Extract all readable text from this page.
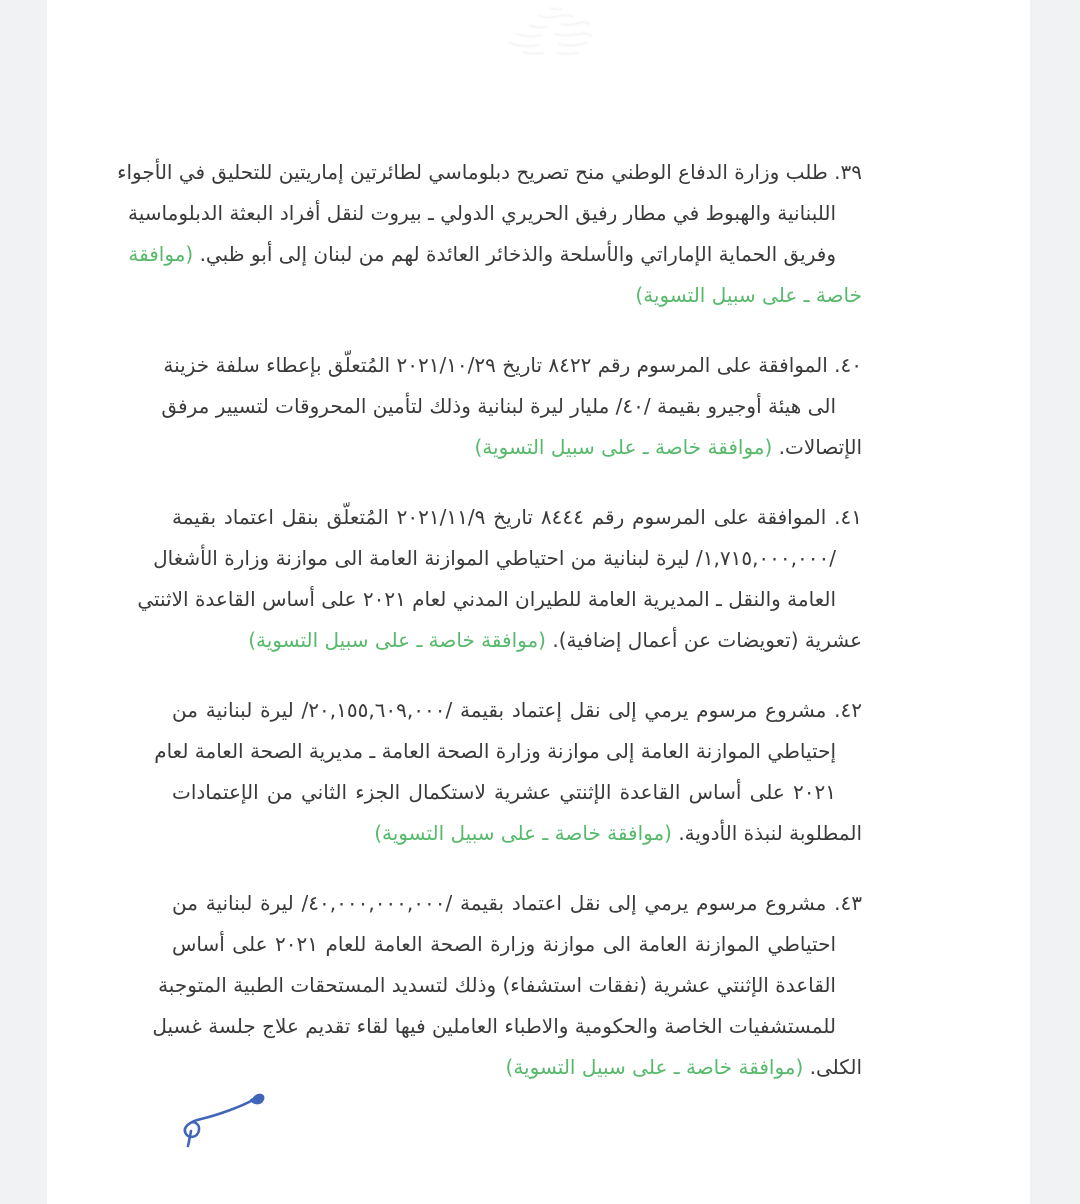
٣٩. طلب وزارة الدفاع الوطني منح تصريح دبلوماسي لطائرتين إماريتين للتحليق في الأجواء
اللبنانية والهبوط في مطار رفيق الحريري الدولي ـ بيروت لنقل أفراد البعثة الدبلوماسية
وفريق الحماية الإماراتي والأسلحة والذخائر العائدة لهم من لبنان إلى أبو ظبي. (موافقة
خاصة ـ على سبيل التسوية)
٤٠. الموافقة على المرسوم رقم ٨٤٢٢ تاريخ ٢٠٢١/١٠/٢٩ المُتعلّق بإعطاء سلفة خزينة
الى هيئة أوجيرو بقيمة /٤٠/ مليار ليرة لبنانية وذلك لتأمين المحروقات لتسيير مرفق
الإتصالات. (موافقة خاصة ـ على سبيل التسوية)
٤١. الموافقة على المرسوم رقم ٨٤٤٤ تاريخ ٢٠٢١/١١/٩ المُتعلّق بنقل اعتماد بقيمة
/١,٧١٥,٠٠٠,٠٠٠/ ليرة لبنانية من احتياطي الموازنة العامة الى موازنة وزارة الأشغال
العامة والنقل ـ المديرية العامة للطيران المدني لعام ٢٠٢١ على أساس القاعدة الاثنتي
عشرية (تعويضات عن أعمال إضافية). (موافقة خاصة ـ على سبيل التسوية)
٤٢. مشروع مرسوم يرمي إلى نقل إعتماد بقيمة /٢٠,١٥٥,٦٠٩,٠٠٠/ ليرة لبنانية من
إحتياطي الموازنة العامة إلى موازنة وزارة الصحة العامة ـ مديرية الصحة العامة لعام
٢٠٢١ على أساس القاعدة الإثنتي عشرية لاستكمال الجزء الثاني من الإعتمادات
المطلوبة لنبذة الأدوية. (موافقة خاصة ـ على سبيل التسوية)
٤٣. مشروع مرسوم يرمي إلى نقل اعتماد بقيمة /٤٠,٠٠٠,٠٠٠,٠٠٠/ ليرة لبنانية من
احتياطي الموازنة العامة الى موازنة وزارة الصحة العامة للعام ٢٠٢١ على أساس
القاعدة الإثنتي عشرية (نفقات استشفاء) وذلك لتسديد المستحقات الطبية المتوجبة
للمستشفيات الخاصة والحكومية والاطباء العاملين فيها لقاء تقديم علاج جلسة غسيل
الكلى. (موافقة خاصة ـ على سبيل التسوية)
